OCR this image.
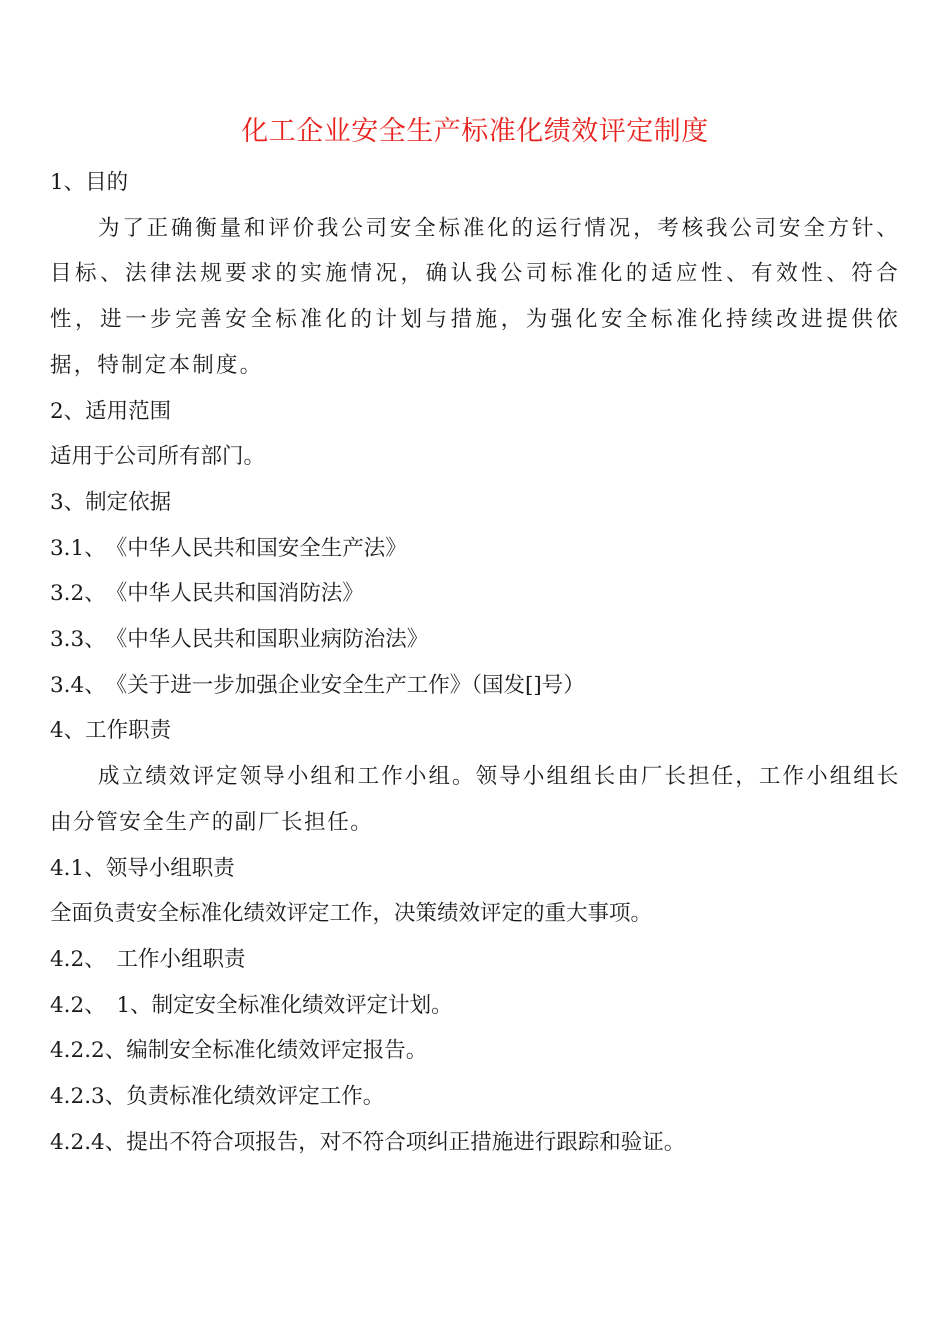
化工企业安全生产标准化绩效评定制度

1、目的

为了正确衡量和评价我公司安全标准化的运行情况，考核我公司安全方针、目标、法律法规要求的实施情况，确认我公司标准化的适应性、有效性、符合性，进一步完善安全标准化的计划与措施，为强化安全标准化持续改进提供依据，特制定本制度。

2、适用范围

适用于公司所有部门。

3、制定依据

3.1、　《中华人民共和国安全生产法》

3.2、　《中华人民共和国消防法》

3.3、　《中华人民共和国职业病防治法》

3.4、　《关于进一步加强企业安全生产工作》（国发[]号）

4、工作职责

成立绩效评定领导小组和工作小组。领导小组组长由厂长担任，工作小组组长由分管安全生产的副厂长担任。

4.1、领导小组职责

全面负责安全标准化绩效评定工作，决策绩效评定的重大事项。

4.2、　工作小组职责

4.2、　1、制定安全标准化绩效评定计划。

4.2.2、编制安全标准化绩效评定报告。

4.2.3、负责标准化绩效评定工作。

4.2.4、提出不符合项报告，对不符合项纠正措施进行跟踪和验证。
